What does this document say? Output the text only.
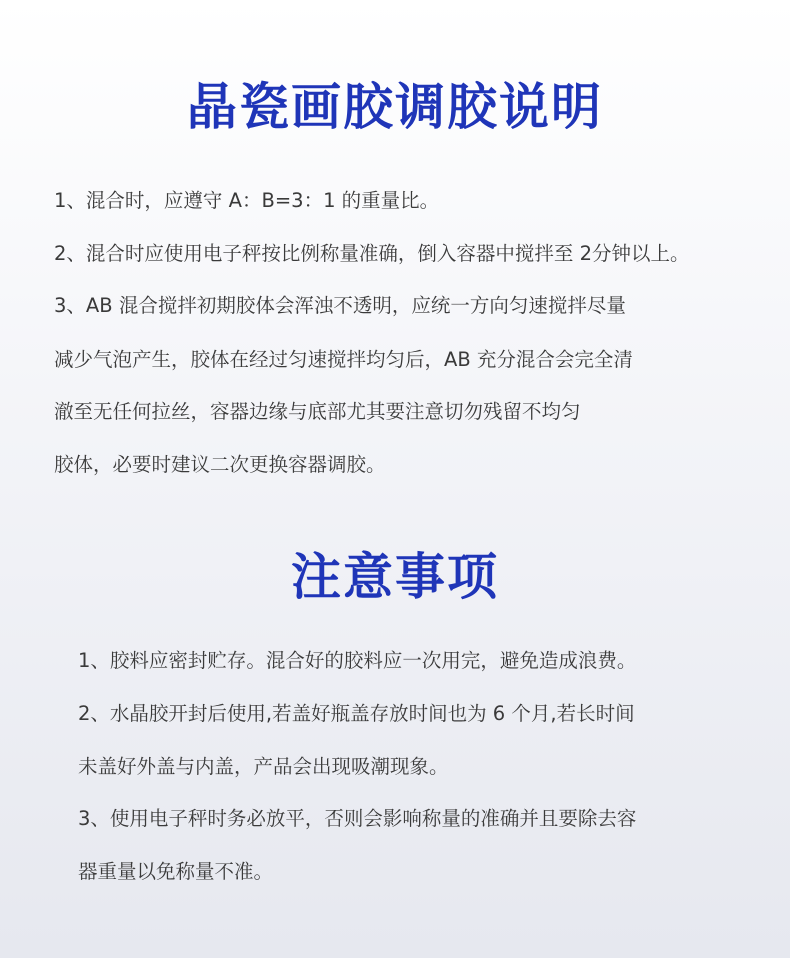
晶瓷画胶调胶说明

1、混合时，应遵守 A：B=3：1 的重量比。

2、混合时应使用电子秤按比例称量准确，倒入容器中搅拌至 2分钟以上。

3、AB 混合搅拌初期胶体会浑浊不透明，应统一方向匀速搅拌尽量

减少气泡产生，胶体在经过匀速搅拌均匀后，AB 充分混合会完全清

澈至无任何拉丝，容器边缘与底部尤其要注意切勿残留不均匀

胶体，必要时建议二次更换容器调胶。

注意事项

1、胶料应密封贮存。混合好的胶料应一次用完，避免造成浪费。

2、水晶胶开封后使用,若盖好瓶盖存放时间也为 6 个月,若长时间

未盖好外盖与内盖，产品会出现吸潮现象。

3、使用电子秤时务必放平，否则会影响称量的准确并且要除去容

器重量以免称量不准。
